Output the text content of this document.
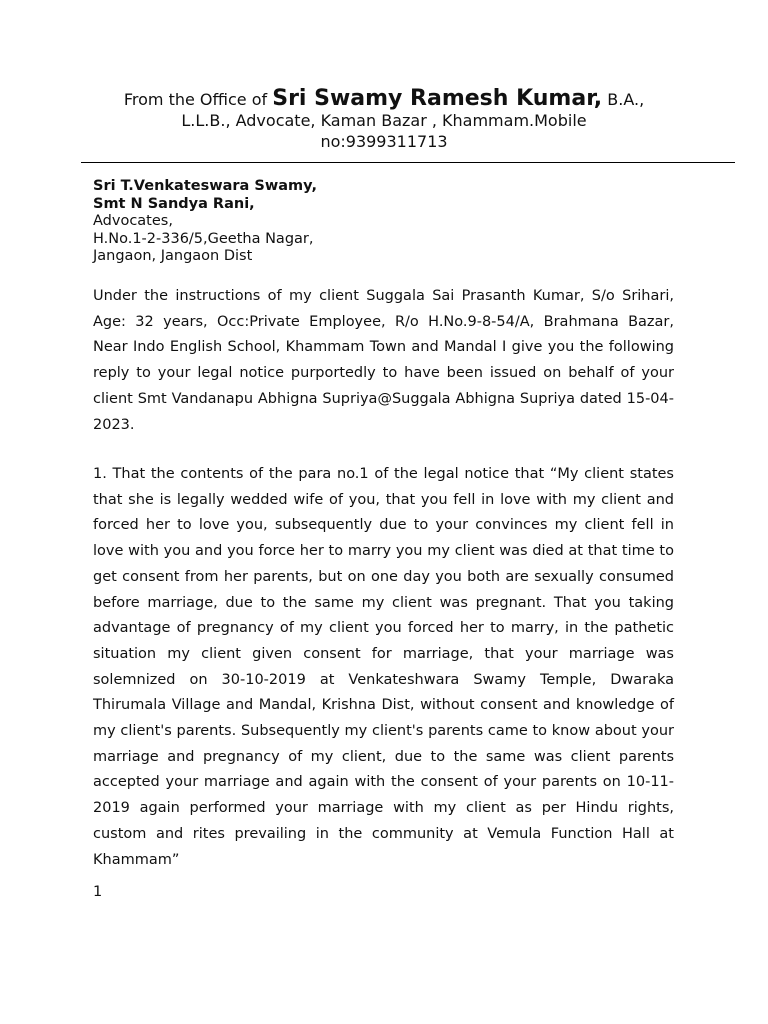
From the Office of Sri Swamy Ramesh Kumar, B.A.,
L.L.B., Advocate, Kaman Bazar , Khammam.Mobile
no:9399311713
Sri T.Venkateswara Swamy,
Smt N Sandya Rani,
Advocates,
H.No.1-2-336/5,Geetha Nagar,
Jangaon, Jangaon Dist
Under the instructions of my client Suggala Sai Prasanth Kumar, S/o Srihari, Age: 32 years, Occ:Private Employee, R/o H.No.9-8-54/A, Brahmana Bazar, Near Indo English School, Khammam Town and Mandal I give you the following reply to your legal notice purportedly to have been issued on behalf of your client Smt Vandanapu Abhigna Supriya@Suggala Abhigna Supriya dated 15-04-2023.
1. That the contents of the para no.1 of the legal notice that “My client states that she is legally wedded wife of you, that you fell in love with my client and forced her to love you, subsequently due to your convinces my client fell in love with you and you force her to marry you my client was died at that time to get consent from her parents, but on one day you both are sexually consumed before marriage, due to the same my client was pregnant. That you taking advantage of pregnancy of my client you forced her to marry, in the pathetic situation my client given consent for marriage, that your marriage was solemnized on 30-10-2019 at Venkateshwara Swamy Temple, Dwaraka Thirumala Village and Mandal, Krishna Dist, without consent and knowledge of my client's parents. Subsequently my client's parents came to know about your marriage and pregnancy of my client, due to the same was client parents accepted your marriage and again with the consent of your parents on 10-11-2019 again performed your marriage with my client as per Hindu rights, custom and rites prevailing in the community at Vemula Function Hall at Khammam”
1
